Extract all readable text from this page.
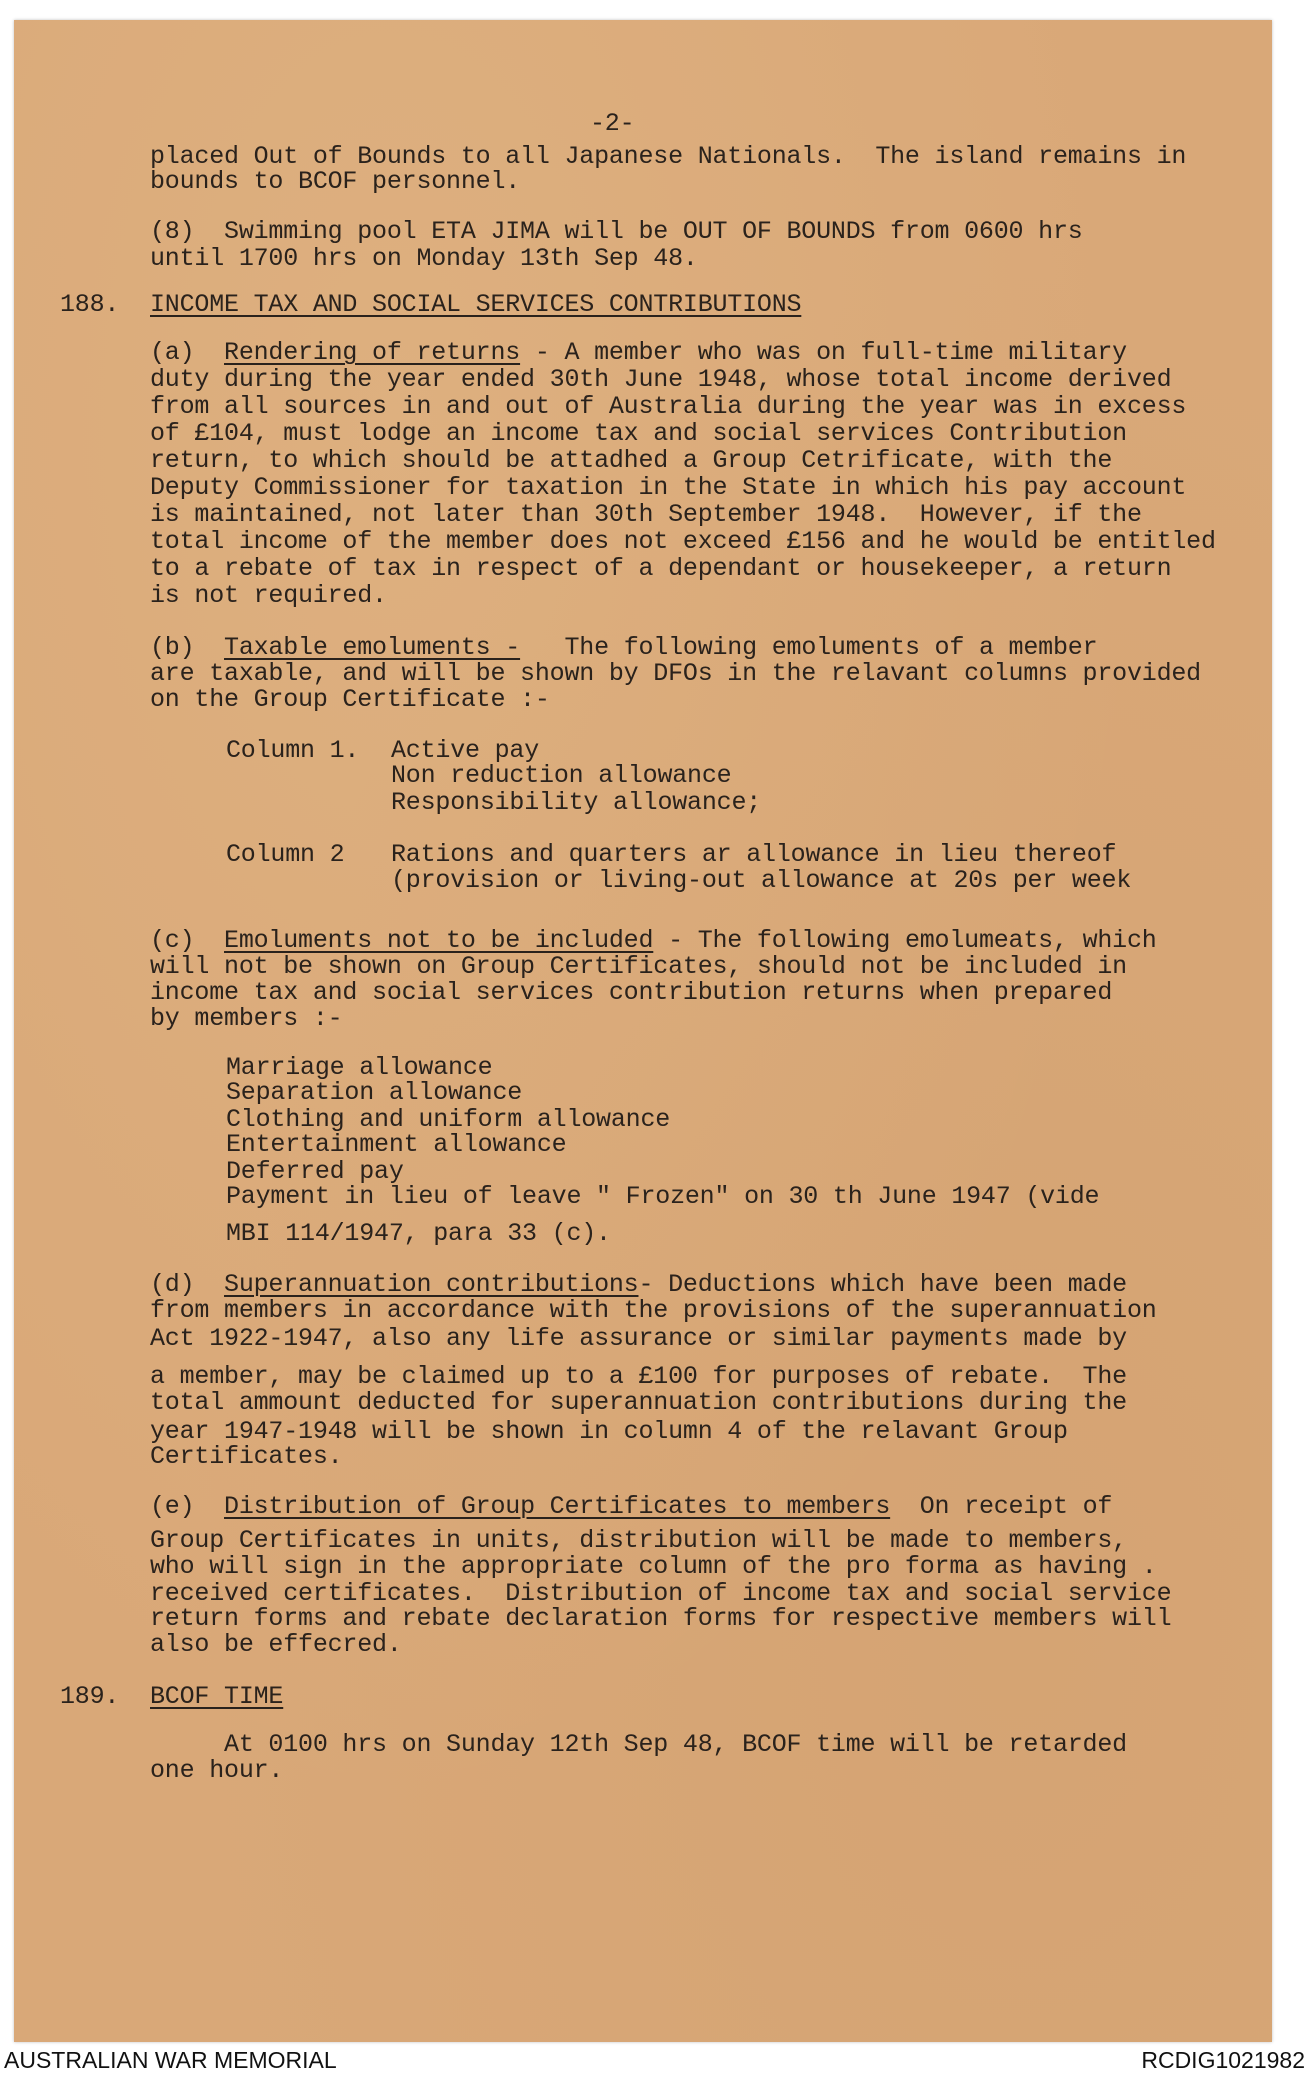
-2-
placed Out of Bounds to all Japanese Nationals.  The island remains in
bounds to BCOF personnel.
(8)  Swimming pool ETA JIMA will be OUT OF BOUNDS from 0600 hrs
until 1700 hrs on Monday 13th Sep 48.
188. INCOME TAX AND SOCIAL SERVICES CONTRIBUTIONS
(a)  Rendering of returns - A member who was on full-time military
duty during the year ended 30th June 1948, whose total income derived
from all sources in and out of Australia during the year was in excess
of £104, must lodge an income tax and social services Contribution
return, to which should be attadhed a Group Cetrificate, with the
Deputy Commissioner for taxation in the State in which his pay account
is maintained, not later than 30th September 1948.  However, if the
total income of the member does not exceed £156 and he would be entitled
to a rebate of tax in respect of a dependant or housekeeper, a return
is not required.
(b)  Taxable emoluments -   The following emoluments of a member
are taxable, and will be shown by DFOs in the relavant columns provided
on the Group Certificate :-
Column 1. Active pay
Non reduction allowance
Responsibility allowance;
Column 2 Rations and quarters ar allowance in lieu thereof
(provision or living-out allowance at 20s per week
(c)  Emoluments not to be included - The following emolumeats, which
will not be shown on Group Certificates, should not be included in
income tax and social services contribution returns when prepared
by members :-
Marriage allowance
Separation allowance
Clothing and uniform allowance
Entertainment allowance
Deferred pay
Payment in lieu of leave " Frozen" on 30 th June 1947 (vide
MBI 114/1947, para 33 (c).
(d)  Superannuation contributions- Deductions which have been made
from members in accordance with the provisions of the superannuation
Act 1922-1947, also any life assurance or similar payments made by
a member, may be claimed up to a £100 for purposes of rebate.  The
total ammount deducted for superannuation contributions during the
year 1947-1948 will be shown in column 4 of the relavant Group
Certificates.
(e)  Distribution of Group Certificates to members  On receipt of
Group Certificates in units, distribution will be made to members,
who will sign in the appropriate column of the pro forma as having .
received certificates.  Distribution of income tax and social service
return forms and rebate declaration forms for respective members will
also be effecred.
189. BCOF TIME
At 0100 hrs on Sunday 12th Sep 48, BCOF time will be retarded
one hour.
AUSTRALIAN WAR MEMORIAL	RCDIG1021982
